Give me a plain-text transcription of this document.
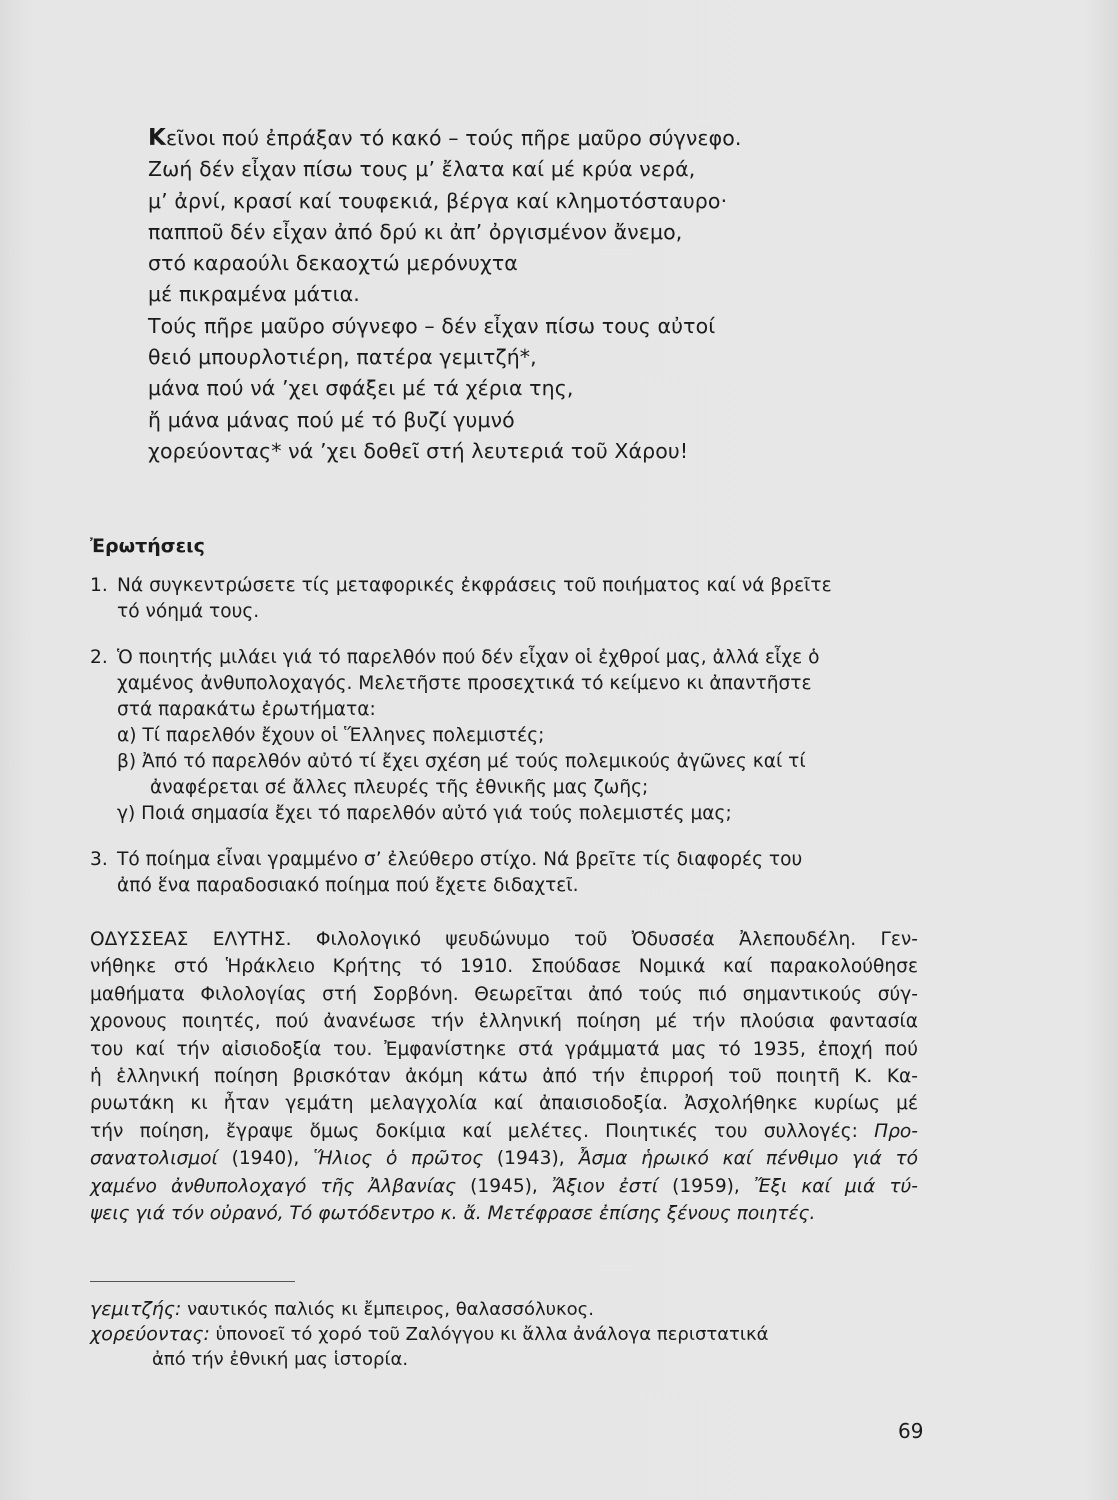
Κεῖνοι πού ἐπράξαν τό κακό – τούς πῆρε μαῦρο σύγνεφο.
Ζωή δέν εἶχαν πίσω τους μ’ ἔλατα καί μέ κρύα νερά,
μ’ ἀρνί, κρασί καί τουφεκιά, βέργα καί κλημοτόσταυρο·
παπποῦ δέν εἶχαν ἀπό δρύ κι ἀπ’ ὀργισμένον ἄνεμο,
στό καραούλι δεκαοχτώ μερόνυχτα
μέ πικραμένα μάτια.
Τούς πῆρε μαῦρο σύγνεφο – δέν εἶχαν πίσω τους αὐτοί
θειό μπουρλοτιέρη, πατέρα γεμιτζή*,
μάνα πού νά ’χει σφάξει μέ τά χέρια της,
ἤ μάνα μάνας πού μέ τό βυζί γυμνό
χορεύοντας* νά ’χει δοθεῖ στή λευτεριά τοῦ Χάρου!
Ἐρωτήσεις
1. Νά συγκεντρώσετε τίς μεταφορικές ἐκφράσεις τοῦ ποιήματος καί νά βρεῖτε
τό νόημά τους.
2. Ὁ ποιητής μιλάει γιά τό παρελθόν πού δέν εἶχαν οἱ ἐχθροί μας, ἀλλά εἶχε ὁ
χαμένος ἀνθυπολοχαγός. Μελετῆστε προσεχτικά τό κείμενο κι ἀπαντῆστε
στά παρακάτω ἐρωτήματα:
α) Τί παρελθόν ἔχουν οἱ Ἕλληνες πολεμιστές;
β) Ἀπό τό παρελθόν αὐτό τί ἔχει σχέση μέ τούς πολεμικούς ἀγῶνες καί τί
ἀναφέρεται σέ ἄλλες πλευρές τῆς ἐθνικῆς μας ζωῆς;
γ) Ποιά σημασία ἔχει τό παρελθόν αὐτό γιά τούς πολεμιστές μας;
3. Τό ποίημα εἶναι γραμμένο σ’ ἐλεύθερο στίχο. Νά βρεῖτε τίς διαφορές του
ἀπό ἕνα παραδοσιακό ποίημα πού ἔχετε διδαχτεῖ.
ΟΔΥΣΣΕΑΣ ΕΛΥΤΗΣ. Φιλολογικό ψευδώνυμο τοῦ Ὀδυσσέα Ἀλεπουδέλη. Γεν-
νήθηκε στό Ἡράκλειο Κρήτης τό 1910. Σπούδασε Νομικά καί παρακολούθησε
μαθήματα Φιλολογίας στή Σορβόνη. Θεωρεῖται ἀπό τούς πιό σημαντικούς σύγ-
χρονους ποιητές, πού ἀνανέωσε τήν ἑλληνική ποίηση μέ τήν πλούσια φαντασία
του καί τήν αἰσιοδοξία του. Ἐμφανίστηκε στά γράμματά μας τό 1935, ἐποχή πού
ἡ ἑλληνική ποίηση βρισκόταν ἀκόμη κάτω ἀπό τήν ἐπιρροή τοῦ ποιητῆ Κ. Κα-
ρυωτάκη κι ἦταν γεμάτη μελαγχολία καί ἀπαισιοδοξία. Ἀσχολήθηκε κυρίως μέ
τήν ποίηση, ἔγραψε ὅμως δοκίμια καί μελέτες. Ποιητικές του συλλογές: Προ-
σανατολισμοί (1940), Ἥλιος ὁ πρῶτος (1943), Ἆσμα ἡρωικό καί πένθιμο γιά τό
χαμένο ἀνθυπολοχαγό τῆς Ἀλβανίας (1945), Ἄξιον ἐστί (1959), Ἔξι καί μιά τύ-
ψεις γιά τόν οὐρανό, Τό φωτόδεντρο κ. ἄ. Μετέφρασε ἐπίσης ξένους ποιητές.
γεμιτζής: ναυτικός παλιός κι ἔμπειρος, θαλασσόλυκος.
χορεύοντας: ὑπονοεῖ τό χορό τοῦ Ζαλόγγου κι ἄλλα ἀνάλογα περιστατικά
ἀπό τήν ἐθνική μας ἱστορία.
69
